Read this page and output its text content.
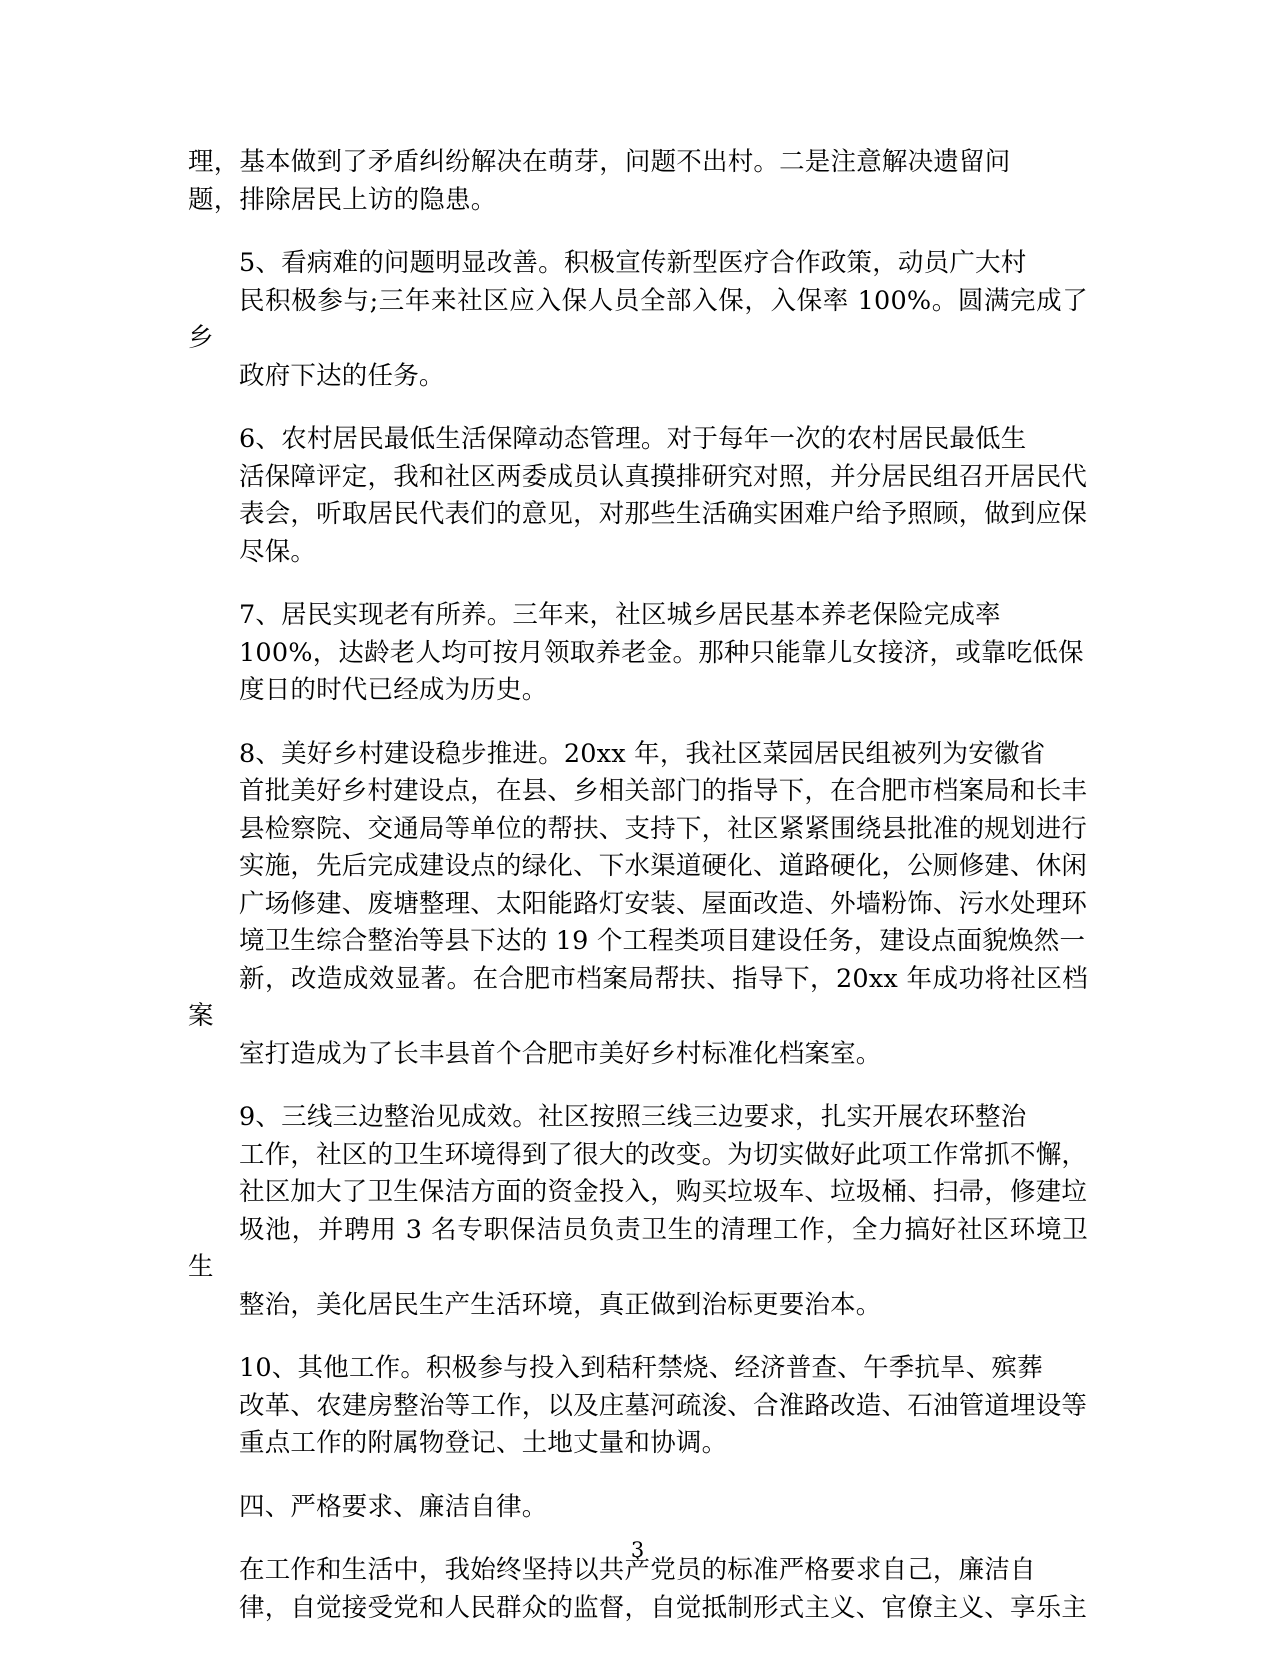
理，基本做到了矛盾纠纷解决在萌芽，问题不出村。二是注意解决遗留问
题，排除居民上访的隐患。

5、看病难的问题明显改善。积极宣传新型医疗合作政策，动员广大村
民积极参与;三年来社区应入保人员全部入保，入保率 100%。圆满完成了乡
政府下达的任务。

6、农村居民最低生活保障动态管理。对于每年一次的农村居民最低生
活保障评定，我和社区两委成员认真摸排研究对照，并分居民组召开居民代
表会，听取居民代表们的意见，对那些生活确实困难户给予照顾，做到应保
尽保。

7、居民实现老有所养。三年来，社区城乡居民基本养老保险完成率
100%，达龄老人均可按月领取养老金。那种只能靠儿女接济，或靠吃低保
度日的时代已经成为历史。

8、美好乡村建设稳步推进。20xx 年，我社区菜园居民组被列为安徽省
首批美好乡村建设点，在县、乡相关部门的指导下，在合肥市档案局和长丰
县检察院、交通局等单位的帮扶、支持下，社区紧紧围绕县批准的规划进行
实施，先后完成建设点的绿化、下水渠道硬化、道路硬化，公厕修建、休闲
广场修建、废塘整理、太阳能路灯安装、屋面改造、外墙粉饰、污水处理环
境卫生综合整治等县下达的 19 个工程类项目建设任务，建设点面貌焕然一
新，改造成效显著。在合肥市档案局帮扶、指导下，20xx 年成功将社区档案
室打造成为了长丰县首个合肥市美好乡村标准化档案室。

9、三线三边整治见成效。社区按照三线三边要求，扎实开展农环整治
工作，社区的卫生环境得到了很大的改变。为切实做好此项工作常抓不懈，
社区加大了卫生保洁方面的资金投入，购买垃圾车、垃圾桶、扫帚，修建垃
圾池，并聘用 3 名专职保洁员负责卫生的清理工作，全力搞好社区环境卫生
整治，美化居民生产生活环境，真正做到治标更要治本。

10、其他工作。积极参与投入到秸秆禁烧、经济普查、午季抗旱、殡葬
改革、农建房整治等工作，以及庄墓河疏浚、合淮路改造、石油管道埋设等
重点工作的附属物登记、土地丈量和协调。

四、严格要求、廉洁自律。

在工作和生活中，我始终坚持以共产党员的标准严格要求自己，廉洁自
律，自觉接受党和人民群众的监督，自觉抵制形式主义、官僚主义、享乐主

3
